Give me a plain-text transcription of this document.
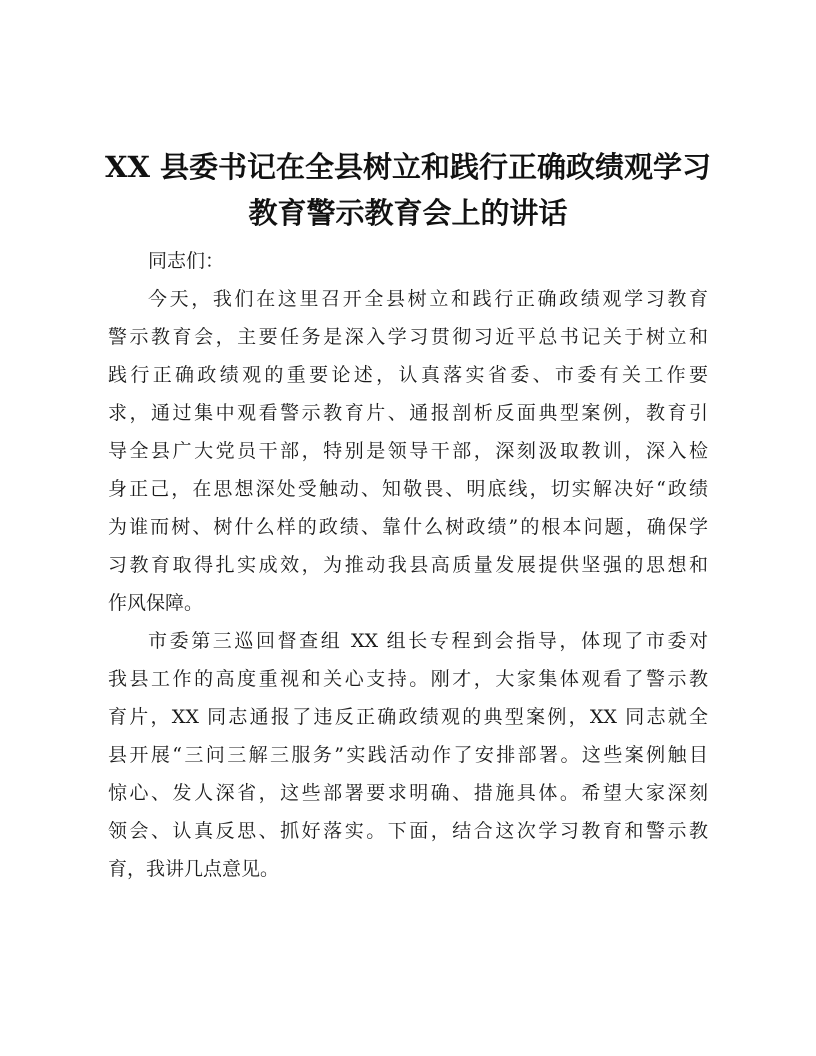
XX 县委书记在全县树立和践行正确政绩观学习
教育警示教育会上的讲话
同志们：
今天，我们在这里召开全县树立和践行正确政绩观学习教育
警示教育会，主要任务是深入学习贯彻习近平总书记关于树立和
践行正确政绩观的重要论述，认真落实省委、市委有关工作要
求，通过集中观看警示教育片、通报剖析反面典型案例，教育引
导全县广大党员干部，特别是领导干部，深刻汲取教训，深入检
身正己，在思想深处受触动、知敬畏、明底线，切实解决好“政绩
为谁而树、树什么样的政绩、靠什么树政绩”的根本问题，确保学
习教育取得扎实成效，为推动我县高质量发展提供坚强的思想和
作风保障。
市委第三巡回督查组 XX 组长专程到会指导，体现了市委对
我县工作的高度重视和关心支持。刚才，大家集体观看了警示教
育片，XX 同志通报了违反正确政绩观的典型案例，XX 同志就全
县开展“三问三解三服务”实践活动作了安排部署。这些案例触目
惊心、发人深省，这些部署要求明确、措施具体。希望大家深刻
领会、认真反思、抓好落实。下面，结合这次学习教育和警示教
育，我讲几点意见。
